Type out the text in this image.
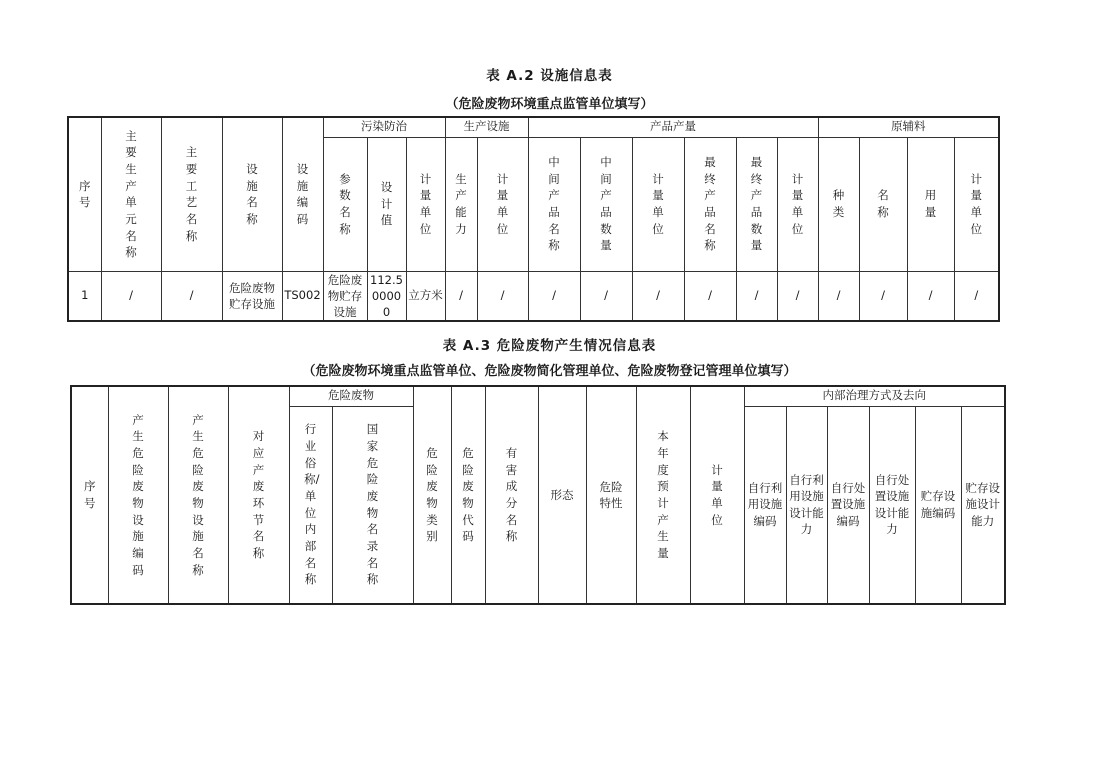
表 A.2 设施信息表
（危险废物环境重点监管单位填写）
序号	主要生产单元名称	主要工艺名称	设施名称	设施编码	污染防治			生产设施		产品产量						原辅料			
					参数名称	设计值	计量单位	生产能力	计量单位	中间产品名称	中间产品数量	计量单位	最终产品名称	最终产品数量	计量单位	种类	名称	用量	计量单位
1	/	/	危险废物贮存设施	TS002	危险废物贮存设施	112.500000	立方米	/	/	/	/	/	/	/	/	/	/	/	/
表 A.3 危险废物产生情况信息表
（危险废物环境重点监管单位、危险废物简化管理单位、危险废物登记管理单位填写）
序号	产生危险废物设施编码	产生危险废物设施名称	对应产废环节名称	危险废物		危险废物类别	危险废物代码	有害成分名称	形态	危险特性	本年度预计产生量	计量单位	内部治理方式及去向					
				行业俗称/单位内部名称	国家危险废物名录名称								自行利用设施编码	自行利用设施设计能力	自行处置设施编码	自行处置设施设计能力	贮存设施编码	贮存设施设计能力
